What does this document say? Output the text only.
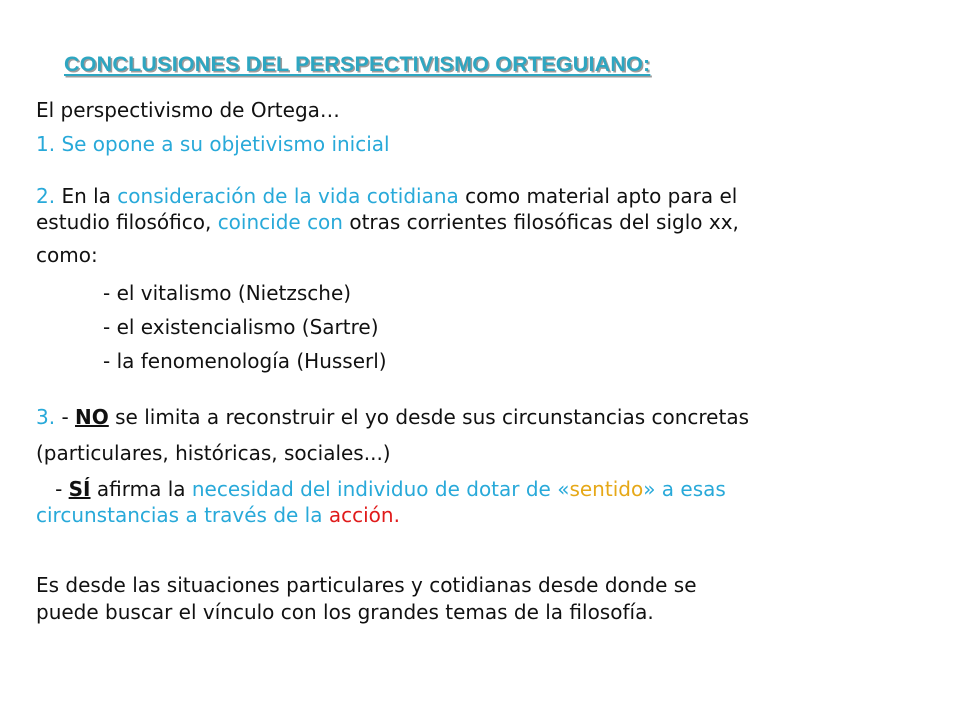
CONCLUSIONES DEL PERSPECTIVISMO ORTEGUIANO:
El perspectivismo de Ortega…
1. Se opone a su objetivismo inicial
2. En la consideración de la vida cotidiana como material apto para el
estudio filosófico, coincide con otras corrientes filosóficas del siglo xx,
como:
- el vitalismo (Nietzsche)
- el existencialismo (Sartre)
- la fenomenología (Husserl)
3. - NO se limita a reconstruir el yo desde sus circunstancias concretas
(particulares, históricas, sociales...)
- SÍ afirma la necesidad del individuo de dotar de «sentido» a esas
circunstancias a través de la acción.
Es desde las situaciones particulares y cotidianas desde donde se
puede buscar el vínculo con los grandes temas de la filosofía.
